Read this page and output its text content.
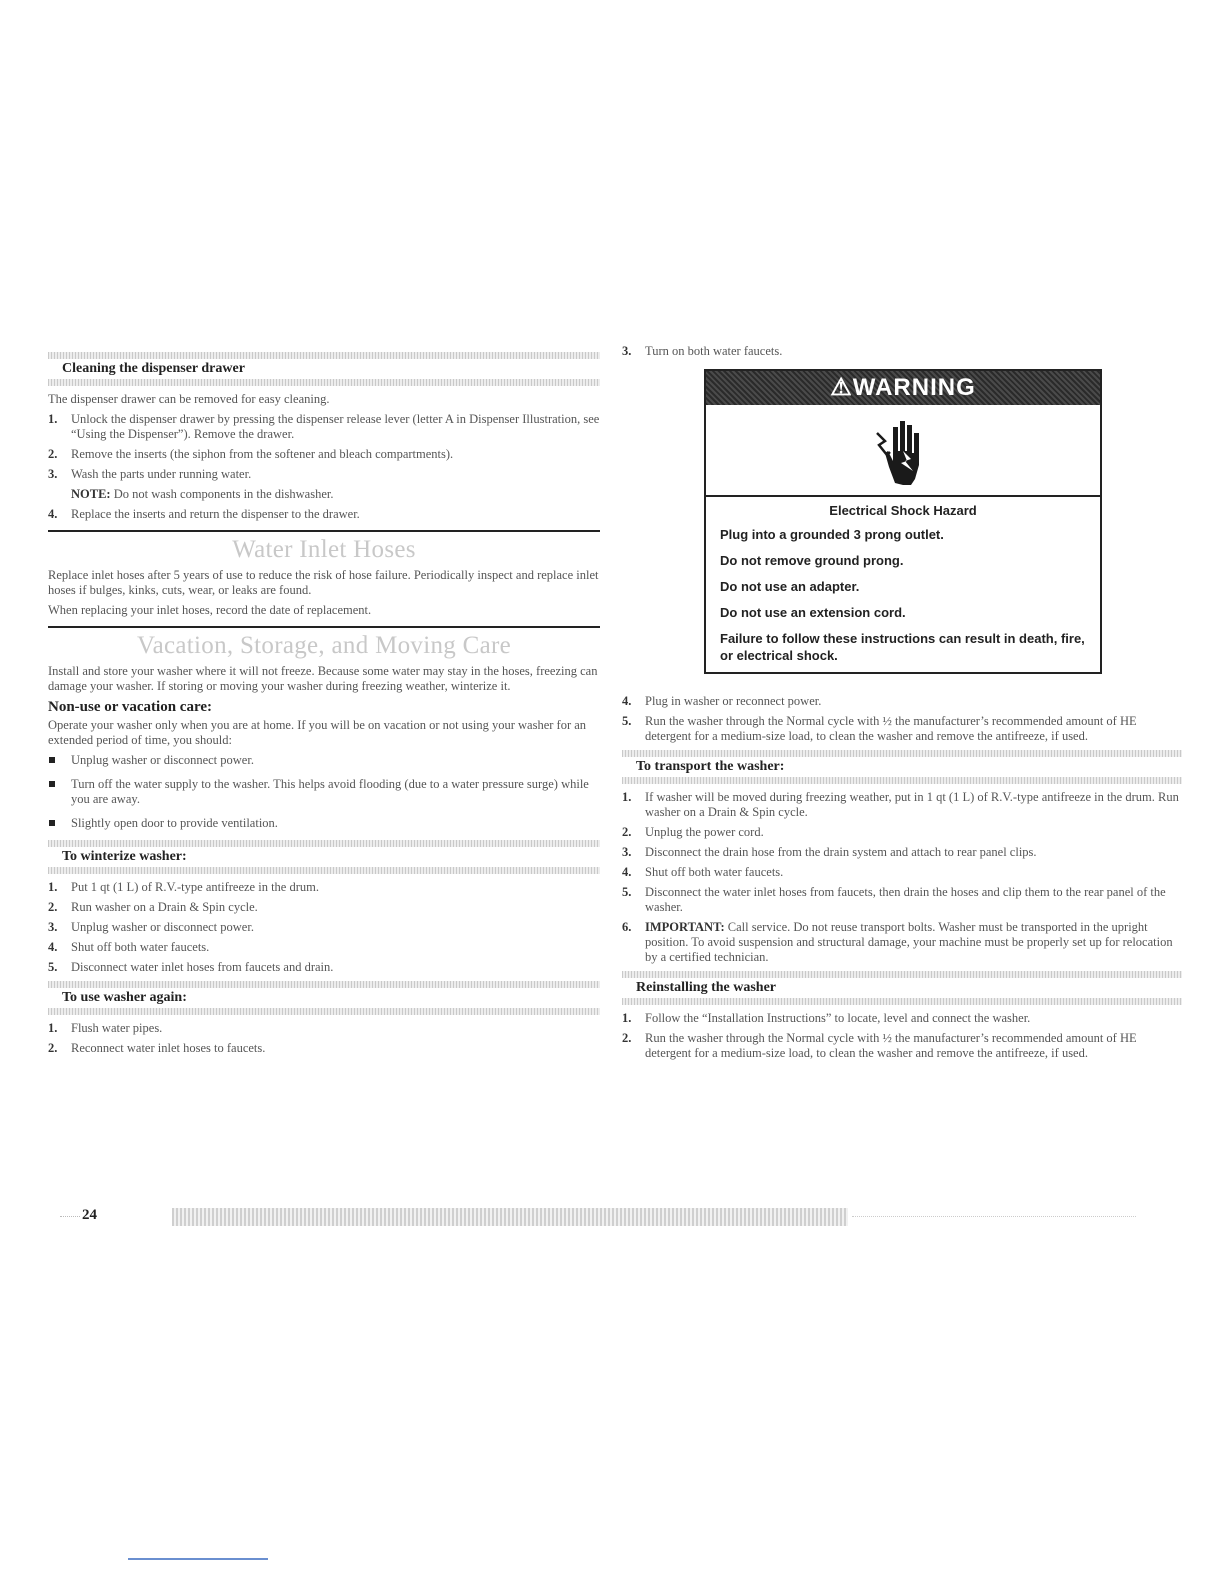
Cleaning the dispenser drawer

The dispenser drawer can be removed for easy cleaning.

1. Unlock the dispenser drawer by pressing the dispenser release lever (letter A in Dispenser Illustration, see “Using the Dispenser”). Remove the drawer.
2. Remove the inserts (the siphon from the softener and bleach compartments).
3. Wash the parts under running water.
NOTE: Do not wash components in the dishwasher.
4. Replace the inserts and return the dispenser to the drawer.
Water Inlet Hoses

Replace inlet hoses after 5 years of use to reduce the risk of hose failure. Periodically inspect and replace inlet hoses if bulges, kinks, cuts, wear, or leaks are found.

When replacing your inlet hoses, record the date of replacement.

Vacation, Storage, and Moving Care

Install and store your washer where it will not freeze. Because some water may stay in the hoses, freezing can damage your washer. If storing or moving your washer during freezing weather, winterize it.

Non-use or vacation care:

Operate your washer only when you are at home. If you will be on vacation or not using your washer for an extended period of time, you should:

Unplug washer or disconnect power.
Turn off the water supply to the washer. This helps avoid flooding (due to a water pressure surge) while you are away.
Slightly open door to provide ventilation.
To winterize washer:
1. Put 1 qt (1 L) of R.V.-type antifreeze in the drum.
2. Run washer on a Drain & Spin cycle.
3. Unplug washer or disconnect power.
4. Shut off both water faucets.
5. Disconnect water inlet hoses from faucets and drain.
To use washer again:
1. Flush water pipes.
2. Reconnect water inlet hoses to faucets.
3. Turn on both water faucets.
⚠WARNING
Electrical Shock Hazard
Plug into a grounded 3 prong outlet.
Do not remove ground prong.
Do not use an adapter.
Do not use an extension cord.
Failure to follow these instructions can result in death, fire, or electrical shock.
4. Plug in washer or reconnect power.
5. Run the washer through the Normal cycle with ½ the manufacturer’s recommended amount of HE detergent for a medium-size load, to clean the washer and remove the antifreeze, if used.
To transport the washer:
1. If washer will be moved during freezing weather, put in 1 qt (1 L) of R.V.-type antifreeze in the drum. Run washer on a Drain & Spin cycle.
2. Unplug the power cord.
3. Disconnect the drain hose from the drain system and attach to rear panel clips.
4. Shut off both water faucets.
5. Disconnect the water inlet hoses from faucets, then drain the hoses and clip them to the rear panel of the washer.
6. IMPORTANT: Call service. Do not reuse transport bolts. Washer must be transported in the upright position. To avoid suspension and structural damage, your machine must be properly set up for relocation by a certified technician.
Reinstalling the washer
1. Follow the “Installation Instructions” to locate, level and connect the washer.
2. Run the washer through the Normal cycle with ½ the manufacturer’s recommended amount of HE detergent for a medium-size load, to clean the washer and remove the antifreeze, if used.
24
